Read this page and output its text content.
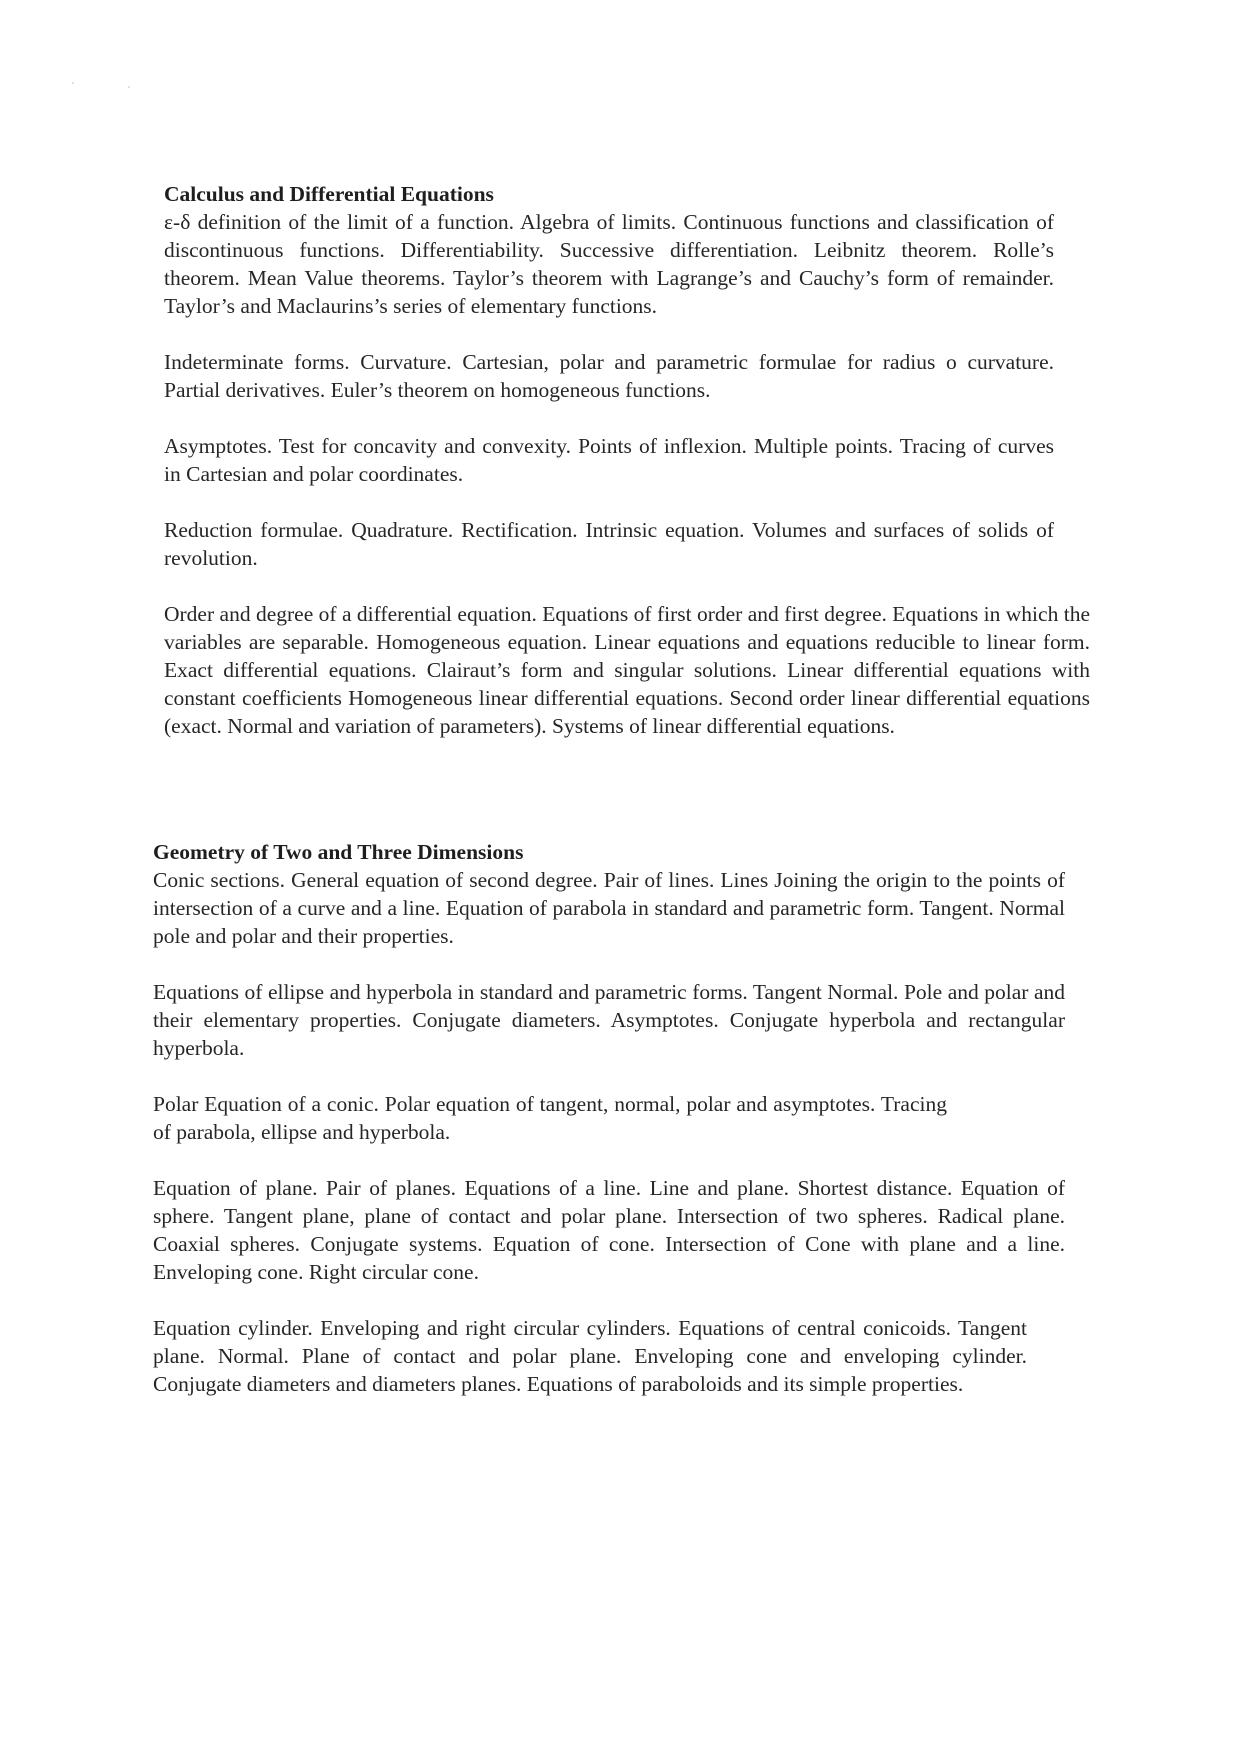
Calculus and Differential Equations

ε-δ definition of the limit of a function. Algebra of limits. Continuous functions and classification of discontinuous functions. Differentiability. Successive differentiation. Leibnitz theorem. Rolle’s theorem. Mean Value theorems. Taylor’s theorem with Lagrange’s and Cauchy’s form of remainder. Taylor’s and Maclaurins’s series of elementary functions.

Indeterminate forms. Curvature. Cartesian, polar and parametric formulae for radius o curvature. Partial derivatives. Euler’s theorem on homogeneous functions.

Asymptotes. Test for concavity and convexity. Points of inflexion. Multiple points. Tracing of curves in Cartesian and polar coordinates.

Reduction formulae. Quadrature. Rectification. Intrinsic equation. Volumes and surfaces of solids of revolution.

Order and degree of a differential equation. Equations of first order and first degree. Equations in which the variables are separable. Homogeneous equation. Linear equations and equations reducible to linear form. Exact differential equations. Clairaut’s form and singular solutions. Linear differential equations with constant coefficients Homogeneous linear differential equations. Second order linear differential equations (exact. Normal and variation of parameters). Systems of linear differential equations.

Geometry of Two and Three Dimensions

Conic sections. General equation of second degree. Pair of lines. Lines Joining the origin to the points of intersection of a curve and a line. Equation of parabola in standard and parametric form. Tangent. Normal pole and polar and their properties.

Equations of ellipse and hyperbola in standard and parametric forms. Tangent Normal. Pole and polar and their elementary properties. Conjugate diameters. Asymptotes. Conjugate hyperbola and rectangular hyperbola.

Polar Equation of a conic. Polar equation of tangent, normal, polar and asymptotes. Tracing of parabola, ellipse and hyperbola.

Equation of plane. Pair of planes. Equations of a line. Line and plane. Shortest distance. Equation of sphere. Tangent plane, plane of contact and polar plane. Intersection of two spheres. Radical plane. Coaxial spheres. Conjugate systems. Equation of cone. Intersection of Cone with plane and a line. Enveloping cone. Right circular cone.

Equation cylinder. Enveloping and right circular cylinders. Equations of central conicoids. Tangent plane. Normal. Plane of contact and polar plane. Enveloping cone and enveloping cylinder. Conjugate diameters and diameters planes. Equations of paraboloids and its simple properties.
